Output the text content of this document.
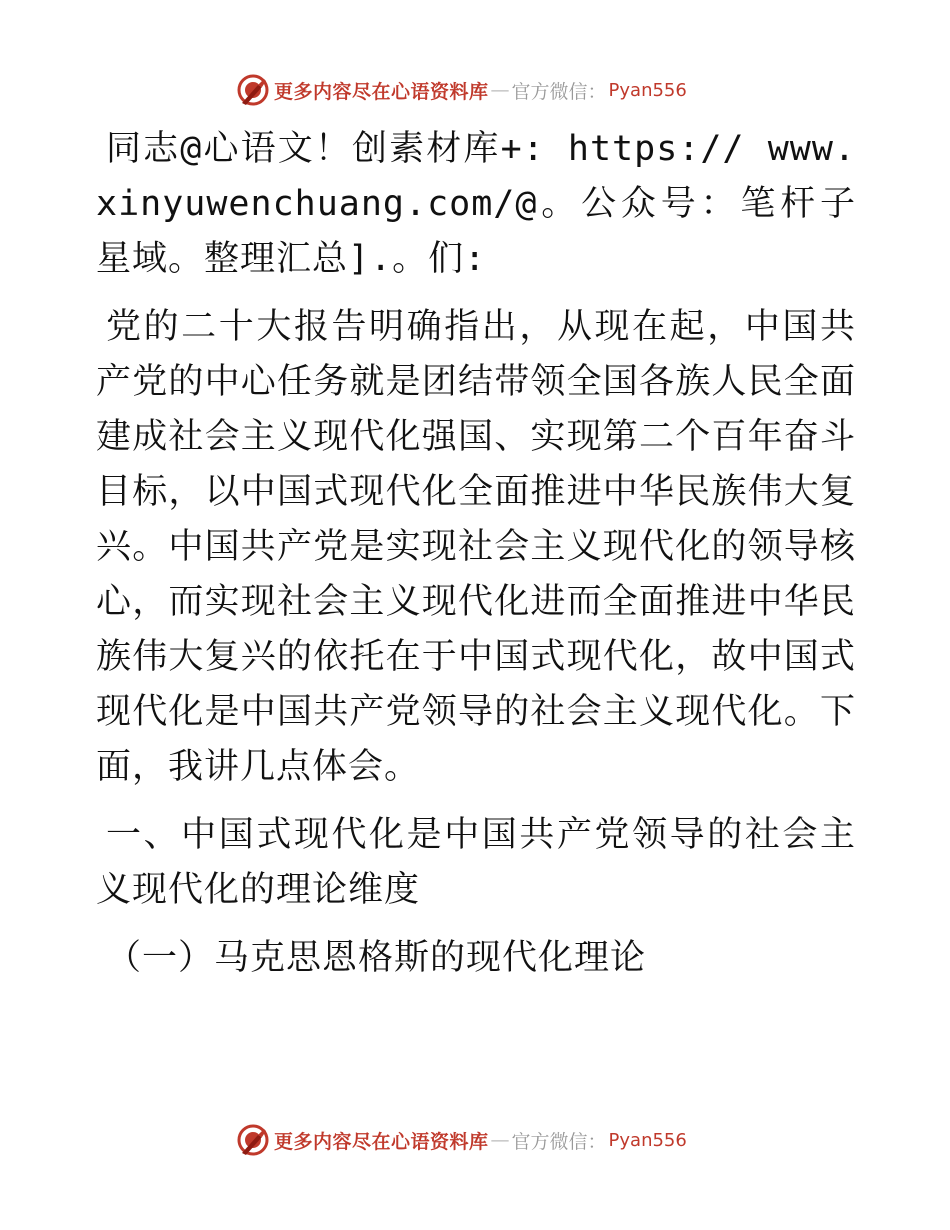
更多内容尽在心语资料库 — 官方微信： Pyan556

同志@心语文！创素材库+: https:// www.xinyuwenchuang.com/@。公众号：笔杆子星域。整理汇总].。们:

党的二十大报告明确指出，从现在起，中国共产党的中心任务就是团结带领全国各族人民全面建成社会主义现代化强国、实现第二个百年奋斗目标，以中国式现代化全面推进中华民族伟大复兴。中国共产党是实现社会主义现代化的领导核心，而实现社会主义现代化进而全面推进中华民族伟大复兴的依托在于中国式现代化，故中国式现代化是中国共产党领导的社会主义现代化。下面，我讲几点体会。

一、中国式现代化是中国共产党领导的社会主义现代化的理论维度

（一）马克思恩格斯的现代化理论

更多内容尽在心语资料库 — 官方微信： Pyan556
